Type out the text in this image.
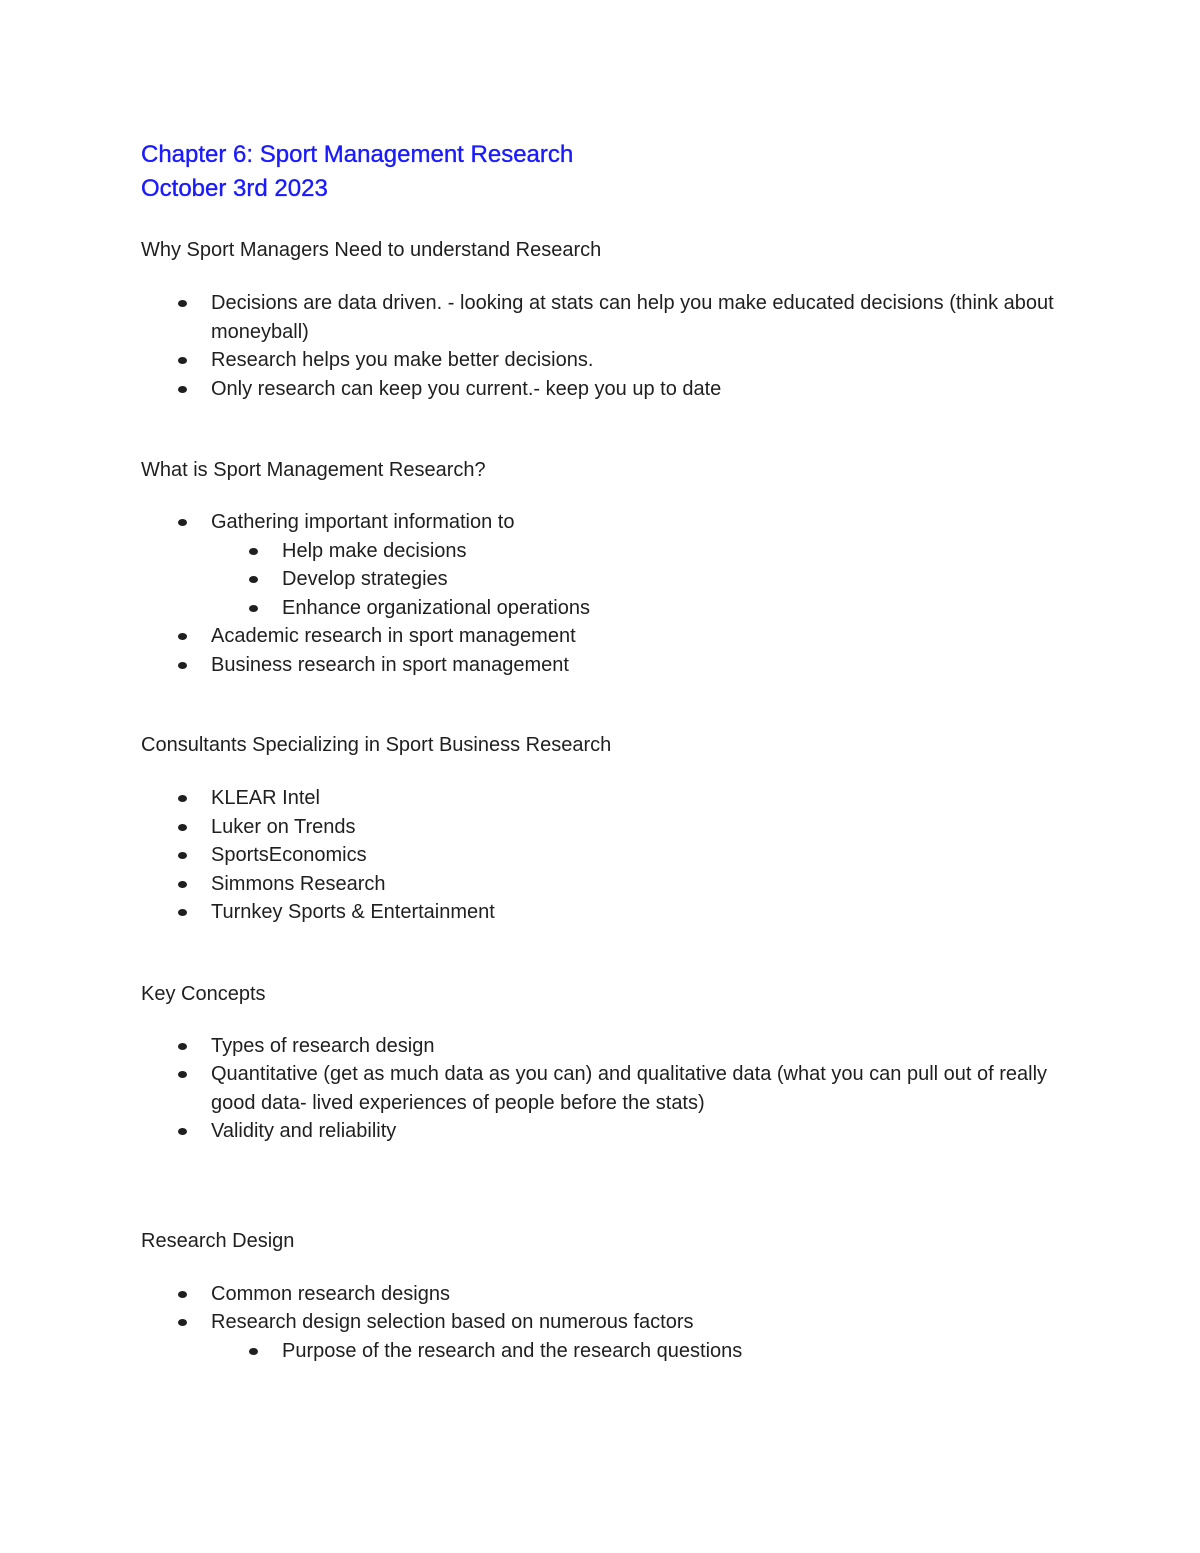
Chapter 6: Sport Management Research
October 3rd 2023

Why Sport Managers Need to understand Research

Decisions are data driven. - looking at stats can help you make educated decisions (think about moneyball)
Research helps you make better decisions.
Only research can keep you current.- keep you up to date

What is Sport Management Research?

Gathering important information to
Help make decisions
Develop strategies
Enhance organizational operations
Academic research in sport management
Business research in sport management

Consultants Specializing in Sport Business Research

KLEAR Intel
Luker on Trends
SportsEconomics
Simmons Research
Turnkey Sports & Entertainment

Key Concepts

Types of research design
Quantitative (get as much data as you can) and qualitative data (what you can pull out of really good data- lived experiences of people before the stats)
Validity and reliability

Research Design

Common research designs
Research design selection based on numerous factors
Purpose of the research and the research questions
